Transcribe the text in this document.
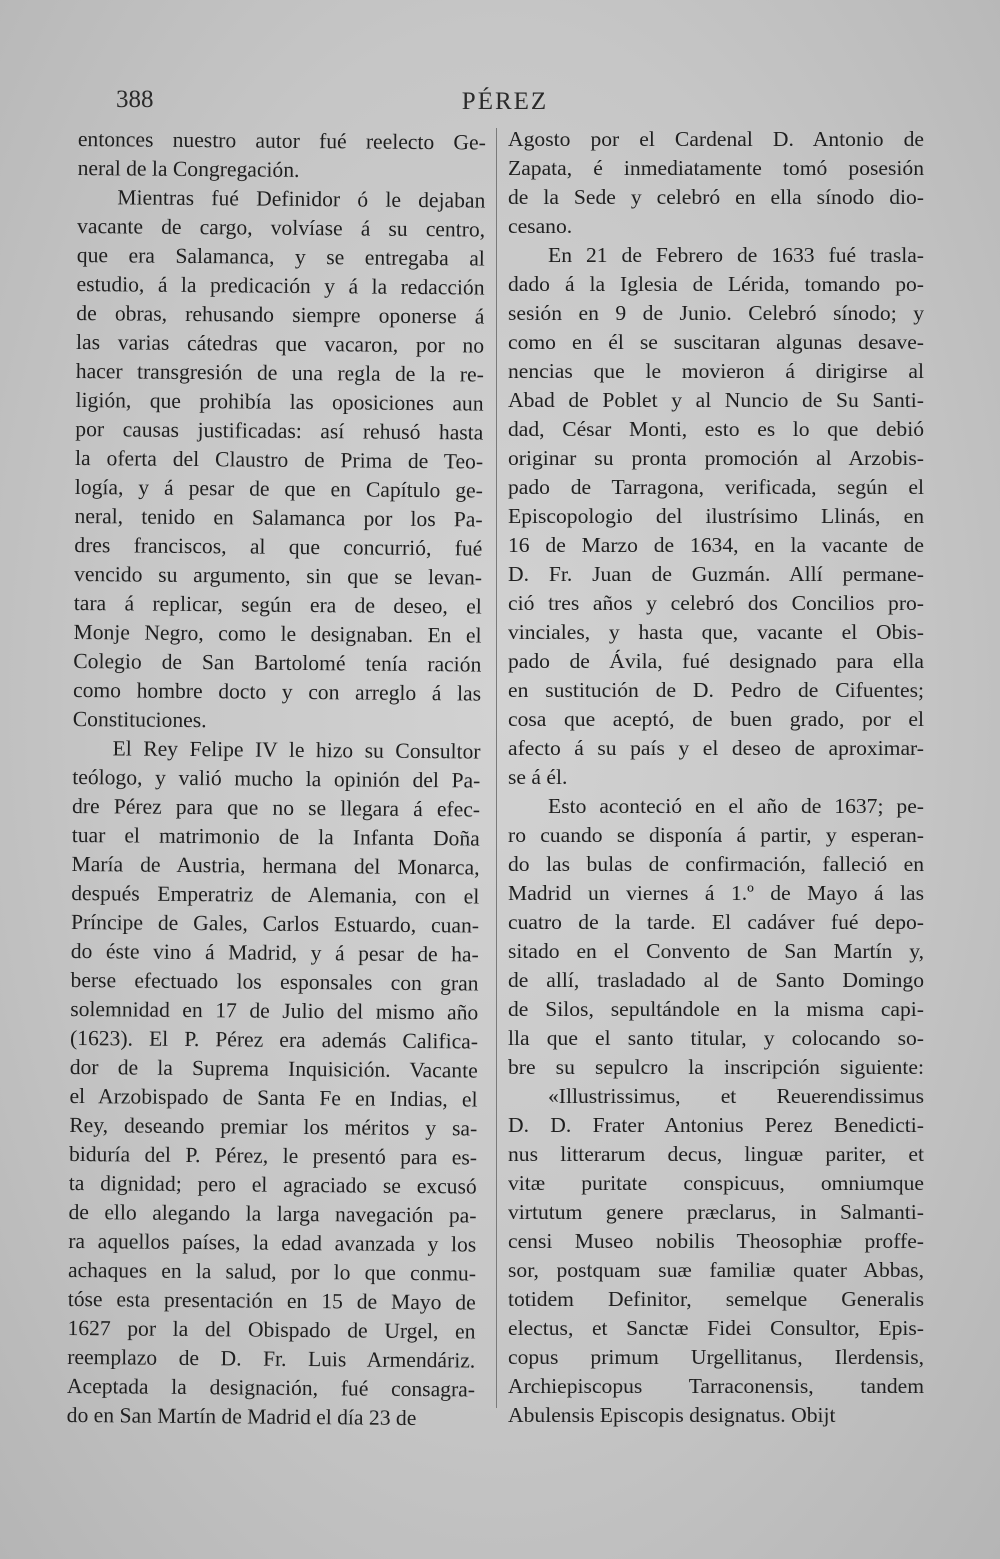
388	PÉREZ
entonces nuestro autor fué reelecto Ge-
neral de la Congregación.
Mientras fué Definidor ó le dejaban
vacante de cargo, volvíase á su centro,
que era Salamanca, y se entregaba al
estudio, á la predicación y á la redacción
de obras, rehusando siempre oponerse á
las varias cátedras que vacaron, por no
hacer transgresión de una regla de la re-
ligión, que prohibía las oposiciones aun
por causas justificadas: así rehusó hasta
la oferta del Claustro de Prima de Teo-
logía, y á pesar de que en Capítulo ge-
neral, tenido en Salamanca por los Pa-
dres franciscos, al que concurrió, fué
vencido su argumento, sin que se levan-
tara á replicar, según era de deseo, el
Monje Negro, como le designaban. En el
Colegio de San Bartolomé tenía ración
como hombre docto y con arreglo á las
Constituciones.
El Rey Felipe IV le hizo su Consultor
teólogo, y valió mucho la opinión del Pa-
dre Pérez para que no se llegara á efec-
tuar el matrimonio de la Infanta Doña
María de Austria, hermana del Monarca,
después Emperatriz de Alemania, con el
Príncipe de Gales, Carlos Estuardo, cuan-
do éste vino á Madrid, y á pesar de ha-
berse efectuado los esponsales con gran
solemnidad en 17 de Julio del mismo año
(1623). El P. Pérez era además Califica-
dor de la Suprema Inquisición. Vacante
el Arzobispado de Santa Fe en Indias, el
Rey, deseando premiar los méritos y sa-
biduría del P. Pérez, le presentó para es-
ta dignidad; pero el agraciado se excusó
de ello alegando la larga navegación pa-
ra aquellos países, la edad avanzada y los
achaques en la salud, por lo que conmu-
tóse esta presentación en 15 de Mayo de
1627 por la del Obispado de Urgel, en
reemplazo de D. Fr. Luis Armendáriz.
Aceptada la designación, fué consagra-
do en San Martín de Madrid el día 23 de
Agosto por el Cardenal D. Antonio de
Zapata, é inmediatamente tomó posesión
de la Sede y celebró en ella sínodo dio-
cesano.
En 21 de Febrero de 1633 fué trasla-
dado á la Iglesia de Lérida, tomando po-
sesión en 9 de Junio. Celebró sínodo; y
como en él se suscitaran algunas desave-
nencias que le movieron á dirigirse al
Abad de Poblet y al Nuncio de Su Santi-
dad, César Monti, esto es lo que debió
originar su pronta promoción al Arzobis-
pado de Tarragona, verificada, según el
Episcopologio del ilustrísimo Llinás, en
16 de Marzo de 1634, en la vacante de
D. Fr. Juan de Guzmán. Allí permane-
ció tres años y celebró dos Concilios pro-
vinciales, y hasta que, vacante el Obis-
pado de Ávila, fué designado para ella
en sustitución de D. Pedro de Cifuentes;
cosa que aceptó, de buen grado, por el
afecto á su país y el deseo de aproximar-
se á él.
Esto aconteció en el año de 1637; pe-
ro cuando se disponía á partir, y esperan-
do las bulas de confirmación, falleció en
Madrid un viernes á 1.º de Mayo á las
cuatro de la tarde. El cadáver fué depo-
sitado en el Convento de San Martín y,
de allí, trasladado al de Santo Domingo
de Silos, sepultándole en la misma capi-
lla que el santo titular, y colocando so-
bre su sepulcro la inscripción siguiente:
«Illustrissimus, et Reuerendissimus
D. D. Frater Antonius Perez Benedicti-
nus litterarum decus, linguæ pariter, et
vitæ puritate conspicuus, omniumque
virtutum genere præclarus, in Salmanti-
censi Museo nobilis Theosophiæ proffe-
sor, postquam suæ familiæ quater Abbas,
totidem Definitor, semelque Generalis
electus, et Sanctæ Fidei Consultor, Epis-
copus primum Urgellitanus, Ilerdensis,
Archiepiscopus Tarraconensis, tandem
Abulensis Episcopis designatus. Obijt
